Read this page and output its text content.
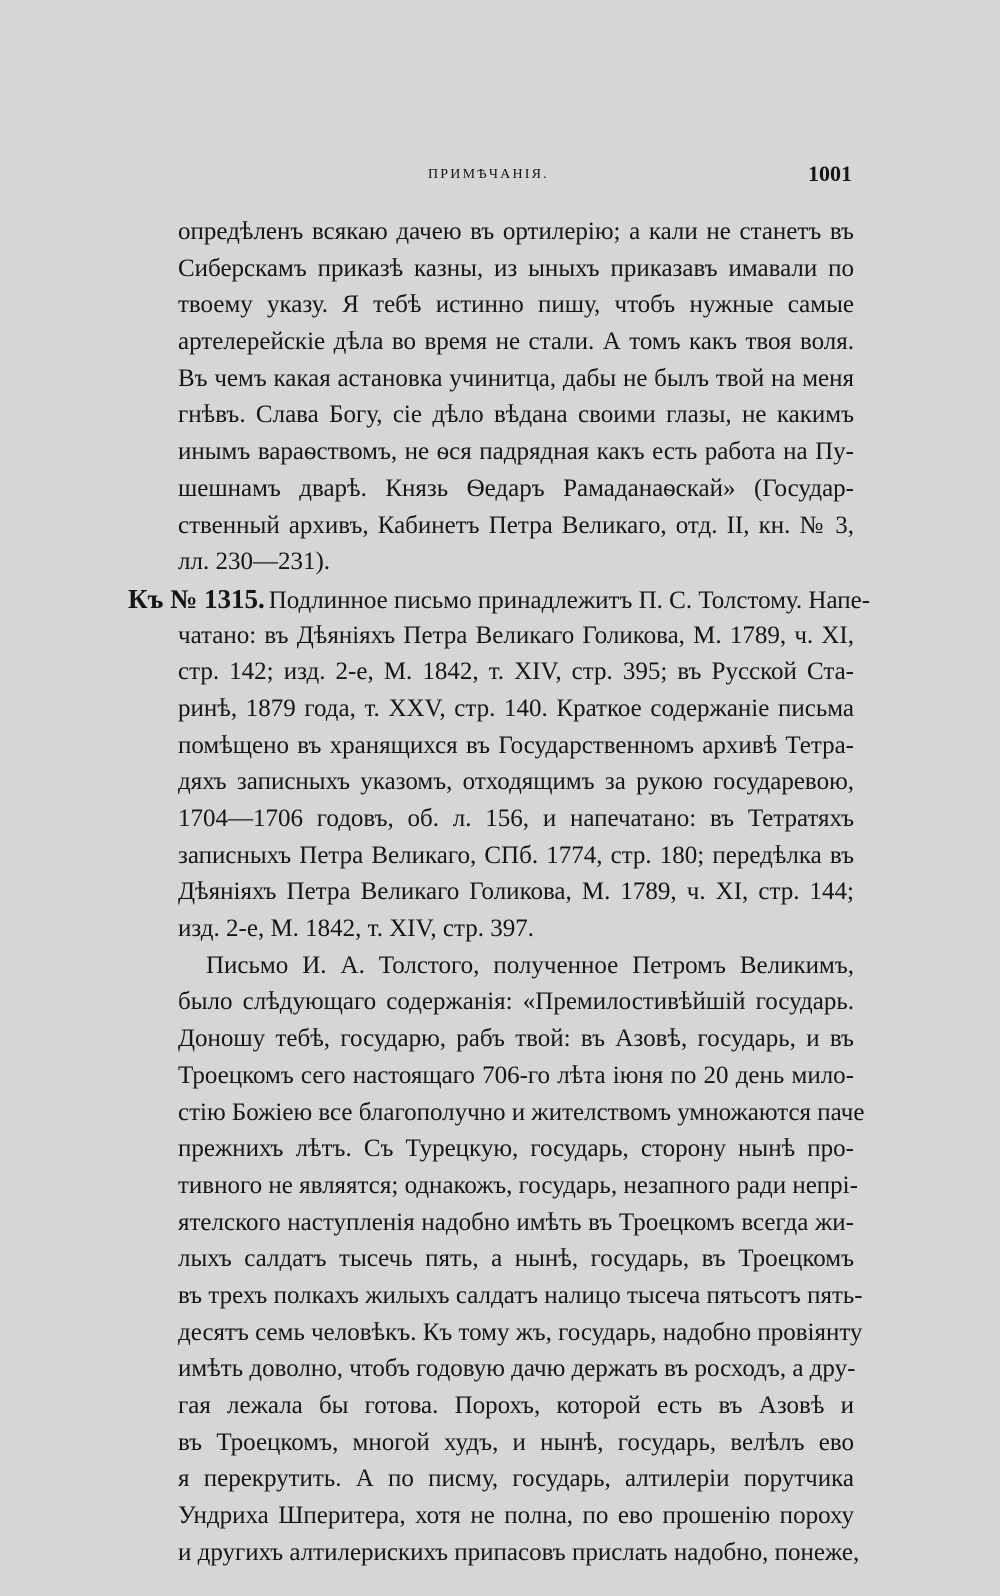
ПРИМѢЧАНІЯ.	1001
опредѣленъ всякаю дачею въ ортилерію; а кали не станетъ въ
Сиберскамъ приказѣ казны, из ыныхъ приказавъ имавали по
твоему указу. Я тебѣ истинно пишу, чтобъ нужные самые
артелерейскіе дѣла во время не стали. А томъ какъ твоя воля.
Въ чемъ какая астановка учинитца, дабы не былъ твой на меня
гнѣвъ. Слава Богу, сіе дѣло вѣдана своими глазы, не какимъ
инымъ вараѳствомъ, не ѳся падрядная какъ есть работа на Пу-
шешнамъ дварѣ. Князь Ѳедаръ Рамаданаѳскай» (Государ-
ственный архивъ, Кабинетъ Петра Великаго, отд. II, кн. № 3,
лл. 230—231).
Къ № 1315. Подлинное письмо принадлежитъ П. С. Толстому. Напе-
чатано: въ Дѣяніяхъ Петра Великаго Голикова, М. 1789, ч. XI,
стр. 142; изд. 2-е, М. 1842, т. XIV, стр. 395; въ Русской Ста-
ринѣ, 1879 года, т. XXV, стр. 140. Краткое содержаніе письма
помѣщено въ хранящихся въ Государственномъ архивѣ Тетра-
дяхъ записныхъ указомъ, отходящимъ за рукою государевою,
1704—1706 годовъ, об. л. 156, и напечатано: въ Тетратяхъ
записныхъ Петра Великаго, СПб. 1774, стр. 180; передѣлка въ
Дѣяніяхъ Петра Великаго Голикова, М. 1789, ч. XI, стр. 144;
изд. 2-е, М. 1842, т. XIV, стр. 397.
Письмо И. А. Толстого, полученное Петромъ Великимъ,
было слѣдующаго содержанія: «Премилостивѣйшій государь.
Доношу тебѣ, государю, рабъ твой: въ Азовѣ, государь, и въ
Троецкомъ сего настоящаго 706-го лѣта іюня по 20 день мило-
стію Божіею все благополучно и жителствомъ умножаются паче
прежнихъ лѣтъ. Съ Турецкую, государь, сторону нынѣ про-
тивного не являятся; однакожъ, государь, незапного ради непрі-
ятелского наступленія надобно имѣть въ Троецкомъ всегда жи-
лыхъ салдатъ тысечь пять, а нынѣ, государь, въ Троецкомъ
въ трехъ полкахъ жилыхъ салдатъ налицо тысеча пятьсотъ пять-
десятъ семь человѣкъ. Къ тому жъ, государь, надобно провіянту
имѣть доволно, чтобъ годовую дачю держать въ росходъ, а дру-
гая лежала бы готова. Порохъ, которой есть въ Азовѣ и
въ Троецкомъ, многой худъ, и нынѣ, государь, велѣлъ ево
я перекрутить. А по писму, государь, алтилеріи порутчика
Ундриха Шперитера, хотя не полна, по ево прошенію пороху
и другихъ алтилерискихъ припасовъ прислать надобно, понеже,
